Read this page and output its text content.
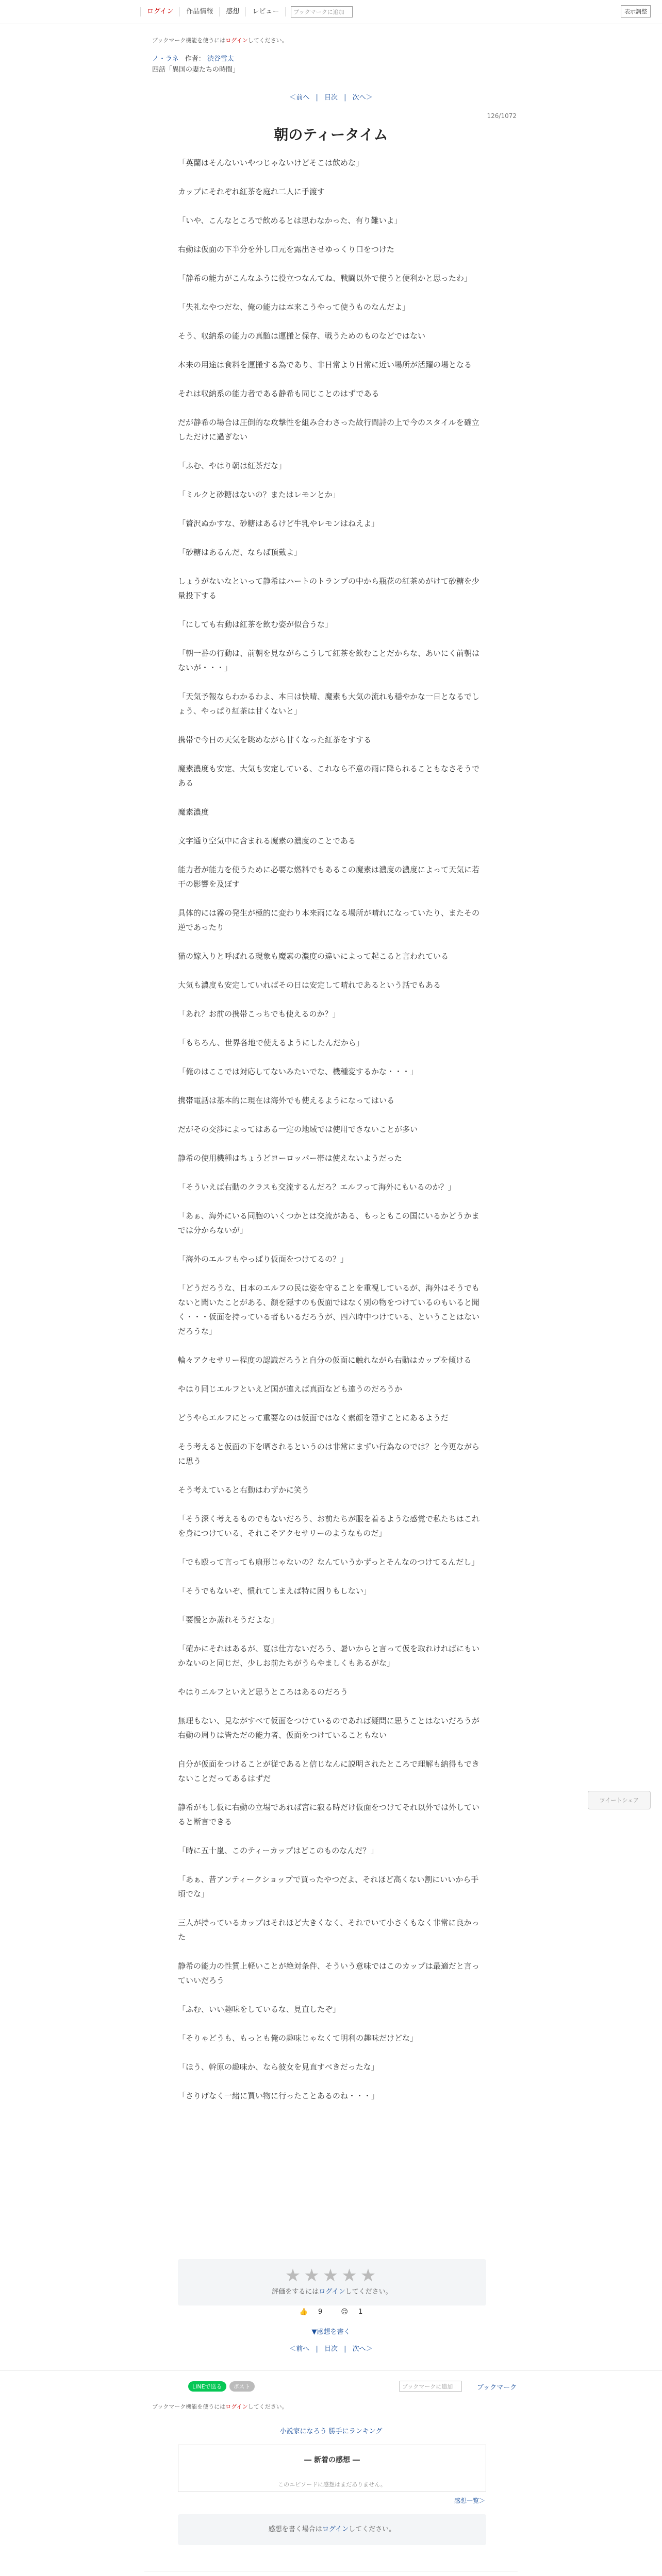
ログイン	作品情報	感想	レビュー	ブックマークに追加	表示調整
ブックマーク機能を使うにはログインしてください。
ノ・ラネ 作者： 渋谷雪太
四話「異国の妻たちの時間」
＜前へ | 目次 | 次へ＞
126/1072
朝のティータイム

「英蘭はそんないいやつじゃないけどそこは飲めな」

カップにそれぞれ紅茶を庭れ二人に手渡す

「いや、こんなところで飲めるとは思わなかった、有り難いよ」

右動は仮面の下半分を外し口元を露出させゆっくり口をつけた

「静希の能力がこんなふうに役立つなんてね、戦闘以外で使うと便利かと思ったわ」

「失礼なやつだな、俺の能力は本来こうやって使うものなんだよ」

そう、収納系の能力の真髄は運搬と保存、戦うためのものなどではない

本来の用途は食料を運搬する為であり、非日常より日常に近い場所が活躍の場となる

それは収納系の能力者である静希も同じことのはずである

だが静希の場合は圧倒的な攻撃性を組み合わさった故行間詩の上で今のスタイルを確立しただけに過ぎない

「ふむ、やはり朝は紅茶だな」

「ミルクと砂糖はないの？またはレモンとか」

「贅沢ぬかすな、砂糖はあるけど牛乳やレモンはねえよ」

「砂糖はあるんだ、ならば頂戴よ」

しょうがないなといって静希はハートのトランプの中から瓶花の紅茶めがけて砂糖を少量投下する

「にしても右動は紅茶を飲む姿が似合うな」

「朝一番の行動は、前朝を見ながらこうして紅茶を飲むことだからな、あいにく前朝はないが・・・」

「天気予報ならわかるわよ、本日は快晴、魔素も大気の流れも穏やかな一日となるでしょう、やっぱり紅茶は甘くないと」

携帯で今日の天気を眺めながら甘くなった紅茶をすする

魔素濃度も安定、大気も安定している、これなら不意の雨に降られることもなさそうである

魔素濃度

文字通り空気中に含まれる魔素の濃度のことである

能力者が能力を使うために必要な燃料でもあるこの魔素は濃度の濃度によって天気に若干の影響を及ぼす

具体的には霧の発生が極的に変わり本来雨になる場所が晴れになっていたり、またその逆であったり

猫の嫁入りと呼ばれる現象も魔素の濃度の違いによって起こると言われている

大気も濃度も安定していればその日は安定して晴れであるという話でもある

「あれ？お前の携帯こっちでも使えるのか？」

「もちろん、世界各地で使えるようにしたんだから」

「俺のはここでは対応してないみたいでな、機種変するかな・・・」

携帯電話は基本的に現在は海外でも使えるようになってはいる

だがその交渉によってはある一定の地域では使用できないことが多い

静希の使用機種はちょうどヨーロッパー帯は使えないようだった

「そういえば右動のクラスも交流するんだろ？エルフって海外にもいるのか？」

「あぁ、海外にいる同胞のいくつかとは交流がある、もっともこの国にいるかどうかまでは分からないが」

「海外のエルフもやっぱり仮面をつけてるの？」

「どうだろうな、日本のエルフの民は姿を守ることを重視しているが、海外はそうでもないと聞いたことがある、顔を隠すのも仮面ではなく別の物をつけているのもいると聞く・・・仮面を持っている者もいるだろうが、四六時中つけている、ということはないだろうな」

輪々アクセサリー程度の認識だろうと自分の仮面に触れながら右動はカップを傾ける

やはり同じエルフといえど国が違えば真面なども違うのだろうか

どうやらエルフにとって重要なのは仮面ではなく素顔を隠すことにあるようだ

そう考えると仮面の下を晒されるというのは非常にまずい行為なのでは？と今更ながらに思う

そう考えていると右動はわずかに笑う

「そう深く考えるものでもないだろう、お前たちが服を着るような感覚で私たちはこれを身につけている、それこそアクセサリーのようなものだ」

「でも殴って言っても扇形じゃないの？なんていうかずっとそんなのつけてるんだし」

「そうでもないぞ、慣れてしまえば特に困りもしない」

「要慢とか蒸れそうだよな」

「確かにそれはあるが、夏は仕方ないだろう、暑いからと言って仮を取れければにもいかないのと同じだ、少しお前たちがうらやましくもあるがな」

やはりエルフといえど思うところはあるのだろう

無理もない、見ながすべて仮面をつけているのであれば疑問に思うことはないだろうが右動の周りは皆ただの能力者、仮面をつけていることもない

自分が仮面をつけることが従であると信じなんに説明されたところで理解も納得もできないことだってあるはずだ

静希がもし仮に右動の立場であれば宮に寂る時だけ仮面をつけてそれ以外では外していると断言できる

「時に五十嵐、このティーカップはどこのものなんだ？」

「あぁ、昔アンティークショップで買ったやつだよ、それほど高くない割にいいから手頃でな」

三人が持っているカップはそれほど大きくなく、それでいて小さくもなく非常に良かった

静希の能力の性質上軽いことが絶対条件、そういう意味ではこのカップは最適だと言っていいだろう

「ふむ、いい趣味をしているな、見直したぞ」

「そりゃどうも、もっとも俺の趣味じゃなくて明利の趣味だけどな」

「ほう、幹原の趣味か、なら彼女を見直すべきだったな」

「さりげなく一緒に買い物に行ったことあるのね・・・」

ツイートシェア
★★★★★
評価をするにはログインしてください。
👍 9	😊 1
▼感想を書く
＜前へ | 目次 | 次へ＞
LINEで送る	ポスト	ブックマークに追加	ブックマーク
ブックマーク機能を使うにはログインしてください。
小説家になろう 勝手にランキング
― 新着の感想 ―
このエピソードに感想はまだありません。
感想一覧＞
感想を書く場合はログインしてください。
